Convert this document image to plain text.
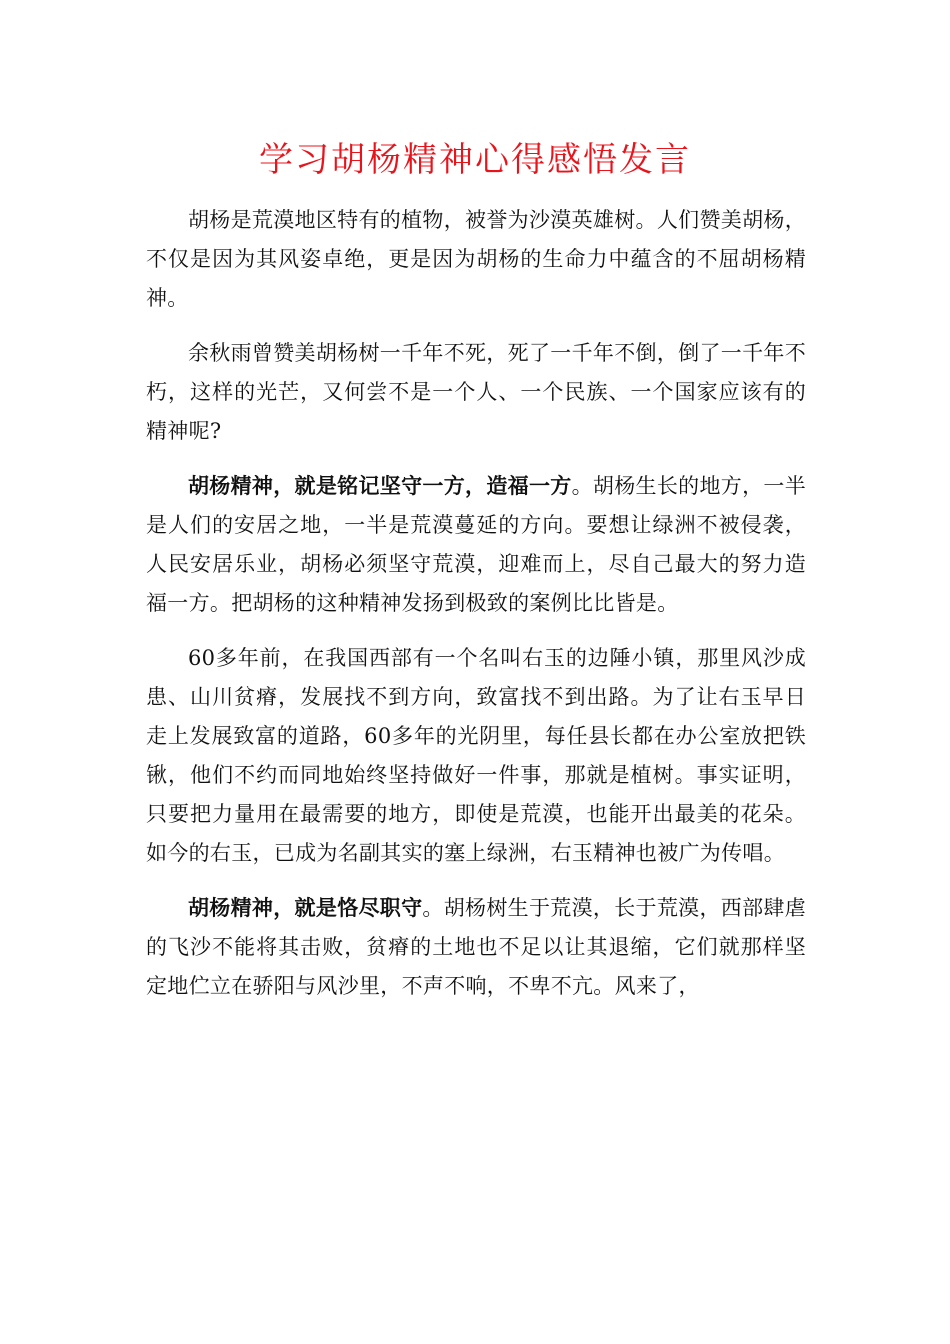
学习胡杨精神心得感悟发言

胡杨是荒漠地区特有的植物，被誉为沙漠英雄树。人们赞美胡杨，不仅是因为其风姿卓绝，更是因为胡杨的生命力中蕴含的不屈胡杨精神。

余秋雨曾赞美胡杨树一千年不死，死了一千年不倒，倒了一千年不朽，这样的光芒，又何尝不是一个人、一个民族、一个国家应该有的精神呢?

胡杨精神，就是铭记坚守一方，造福一方。胡杨生长的地方，一半是人们的安居之地，一半是荒漠蔓延的方向。要想让绿洲不被侵袭，人民安居乐业，胡杨必须坚守荒漠，迎难而上，尽自己最大的努力造福一方。把胡杨的这种精神发扬到极致的案例比比皆是。

60多年前，在我国西部有一个名叫右玉的边陲小镇，那里风沙成患、山川贫瘠，发展找不到方向，致富找不到出路。为了让右玉早日走上发展致富的道路，60多年的光阴里，每任县长都在办公室放把铁锹，他们不约而同地始终坚持做好一件事，那就是植树。事实证明，只要把力量用在最需要的地方，即使是荒漠，也能开出最美的花朵。如今的右玉，已成为名副其实的塞上绿洲，右玉精神也被广为传唱。

胡杨精神，就是恪尽职守。胡杨树生于荒漠，长于荒漠，西部肆虐的飞沙不能将其击败，贫瘠的土地也不足以让其退缩，它们就那样坚定地伫立在骄阳与风沙里，不声不响，不卑不亢。风来了，
